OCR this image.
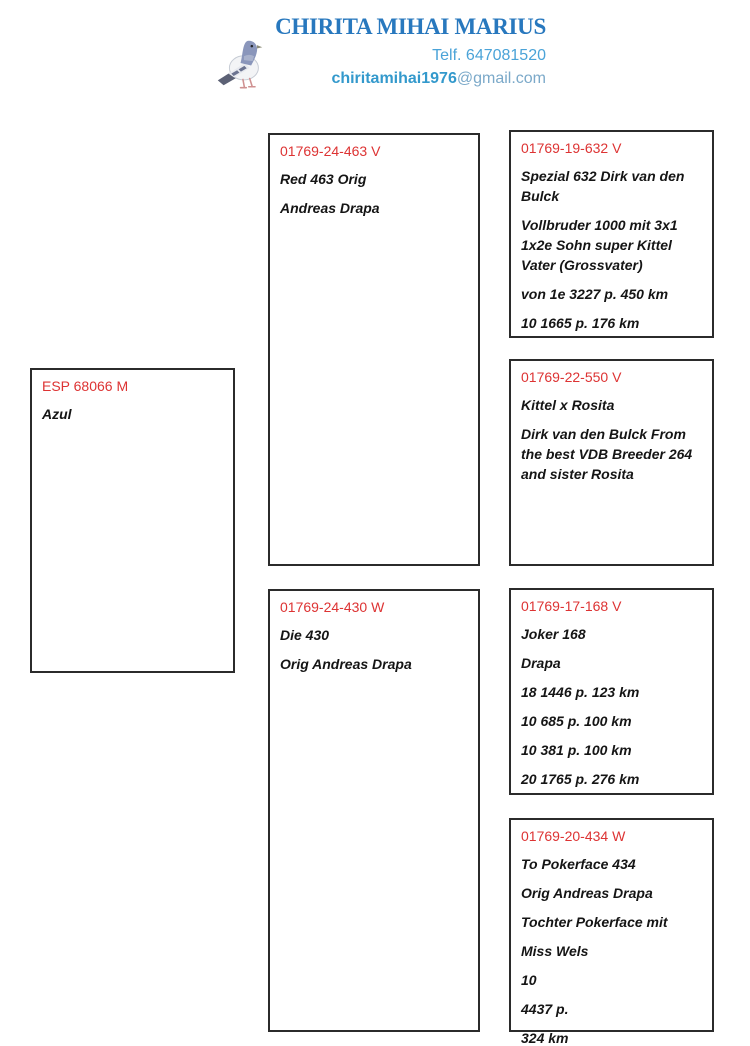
CHIRITA MIHAI MARIUS
Telf. 647081520
chiritamihai1976@gmail.com
ESP 68066 M
Azul
01769-24-463 V
Red 463 Orig
Andreas Drapa
01769-24-430 W
Die 430
Orig Andreas Drapa
01769-19-632 V
Spezial 632 Dirk van den Bulck
Vollbruder 1000 mit 3x1 1x2e Sohn super Kittel Vater (Grossvater)
von 1e 3227 p. 450 km
10 1665 p. 176 km
01769-22-550 V
Kittel x Rosita
Dirk van den Bulck From the best VDB Breeder 264 and sister Rosita
01769-17-168 V
Joker 168
Drapa
18 1446 p. 123 km
10 685 p. 100 km
10 381 p. 100 km
20 1765 p. 276 km
01769-20-434 W
To Pokerface 434
Orig Andreas Drapa
Tochter Pokerface mit
Miss Wels
10
4437 p.
324 km
